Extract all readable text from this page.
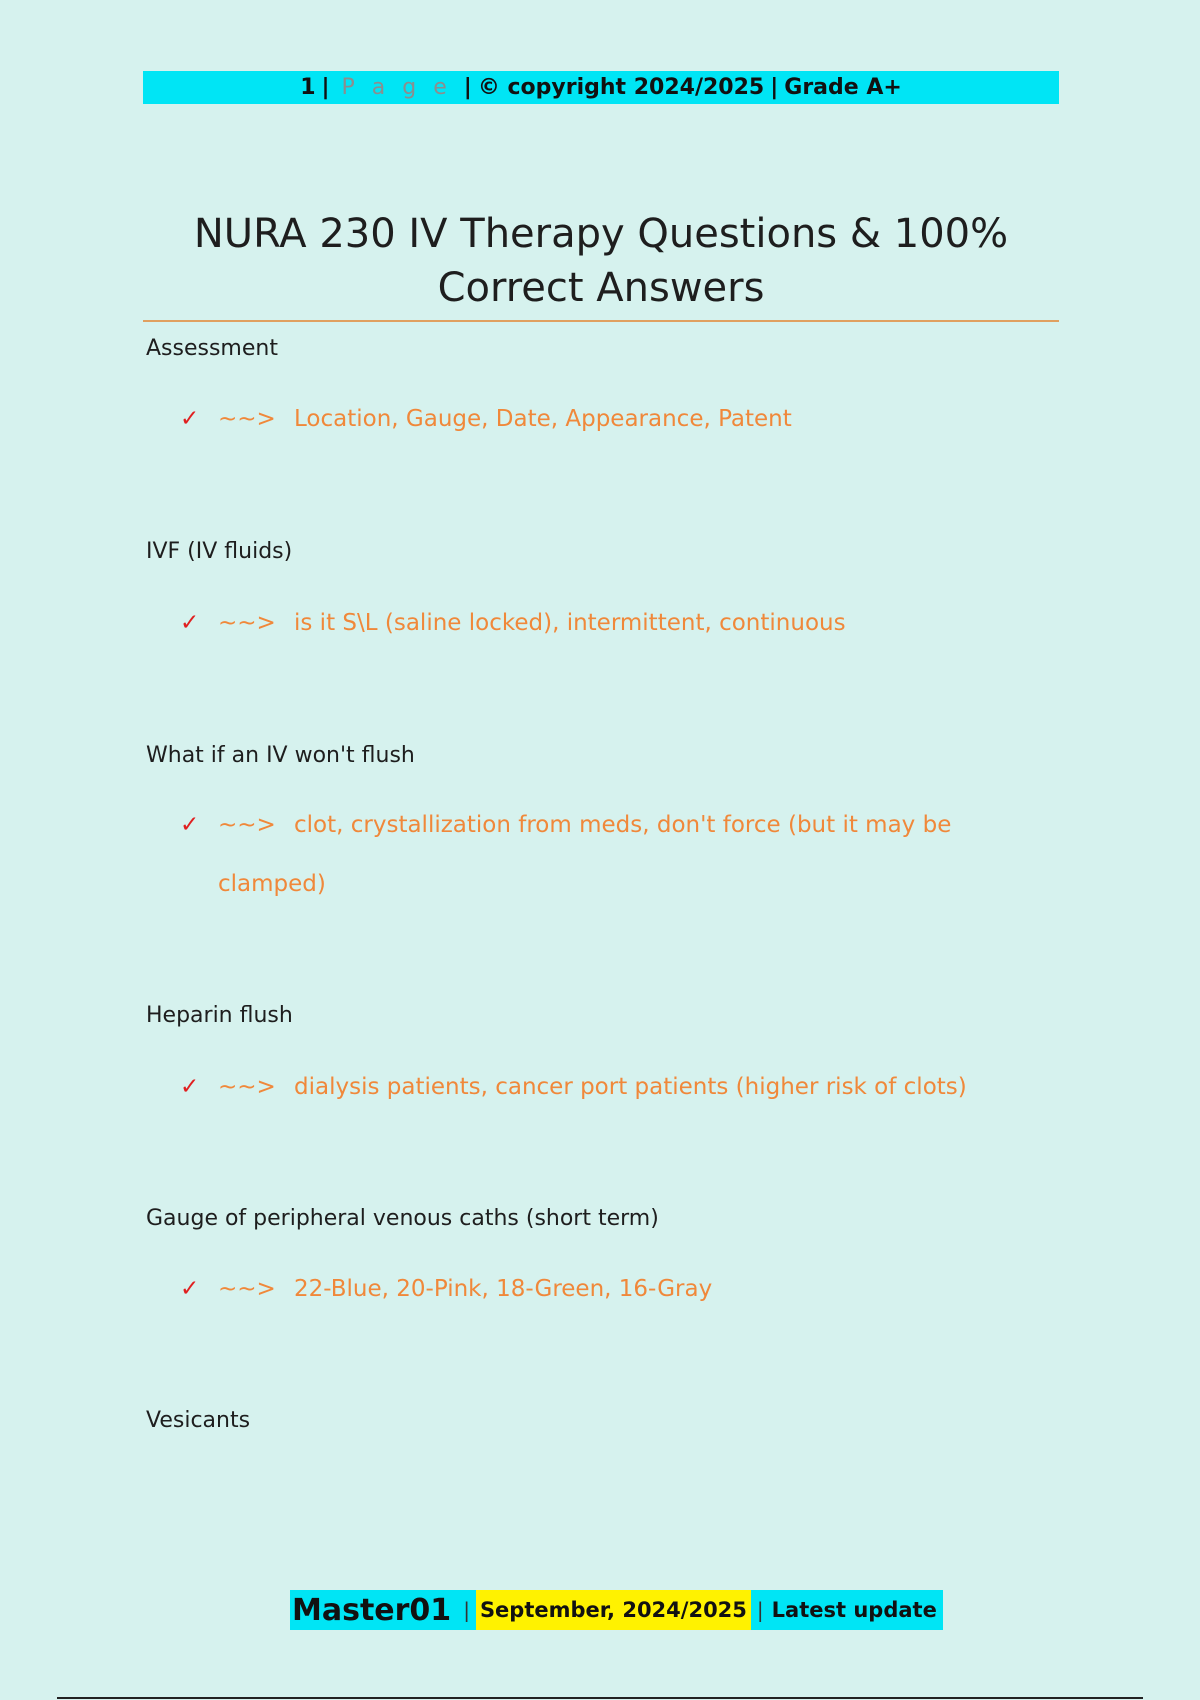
1 | P a g e | © copyright 2024/2025 | Grade A+
NURA 230 IV Therapy Questions & 100% Correct Answers
Assessment
✓ ~~> Location, Gauge, Date, Appearance, Patent
IVF (IV fluids)
✓ ~~> is it S\L (saline locked), intermittent, continuous
What if an IV won't flush
✓ ~~> clot, crystallization from meds, don't force (but it may be
clamped)
Heparin flush
✓ ~~> dialysis patients, cancer port patients (higher risk of clots)
Gauge of peripheral venous caths (short term)
✓ ~~> 22-Blue, 20-Pink, 18-Green, 16-Gray
Vesicants
Master01 | September, 2024/2025 | Latest update
